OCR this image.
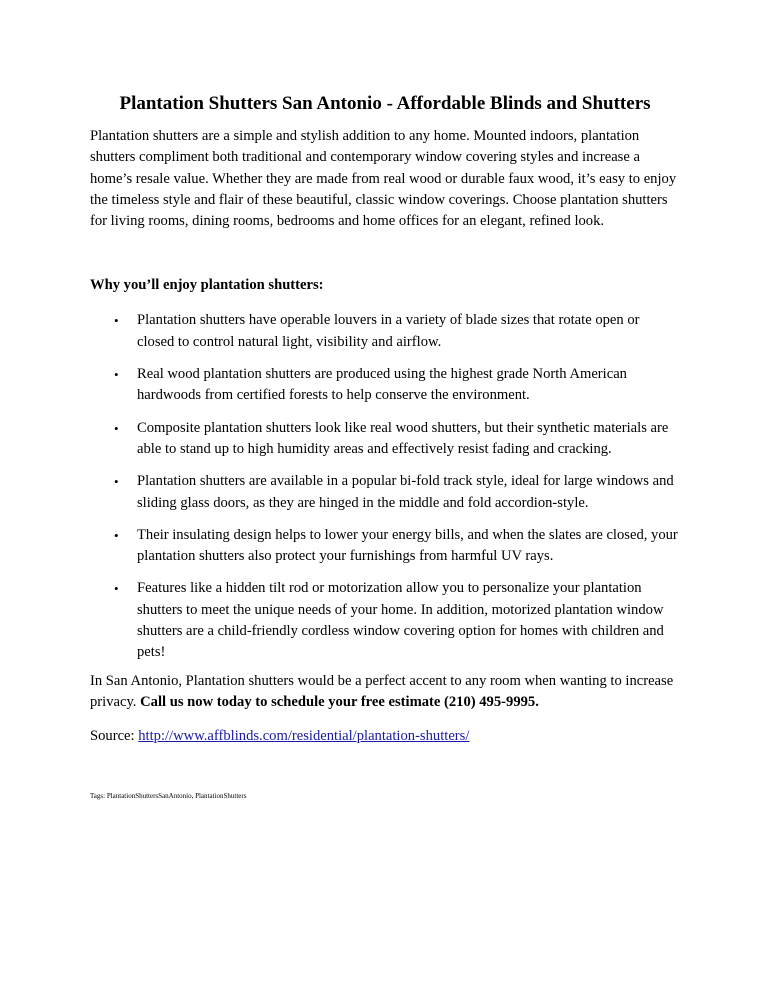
Plantation Shutters San Antonio - Affordable Blinds and Shutters

Plantation shutters are a simple and stylish addition to any home. Mounted indoors, plantation shutters compliment both traditional and contemporary window covering styles and increase a home’s resale value. Whether they are made from real wood or durable faux wood, it’s easy to enjoy the timeless style and flair of these beautiful, classic window coverings. Choose plantation shutters for living rooms, dining rooms, bedrooms and home offices for an elegant, refined look.

Why you’ll enjoy plantation shutters:

• Plantation shutters have operable louvers in a variety of blade sizes that rotate open or closed to control natural light, visibility and airflow.
• Real wood plantation shutters are produced using the highest grade North American hardwoods from certified forests to help conserve the environment.
• Composite plantation shutters look like real wood shutters, but their synthetic materials are able to stand up to high humidity areas and effectively resist fading and cracking.
• Plantation shutters are available in a popular bi-fold track style, ideal for large windows and sliding glass doors, as they are hinged in the middle and fold accordion-style.
• Their insulating design helps to lower your energy bills, and when the slates are closed, your plantation shutters also protect your furnishings from harmful UV rays.
• Features like a hidden tilt rod or motorization allow you to personalize your plantation shutters to meet the unique needs of your home. In addition, motorized plantation window shutters are a child-friendly cordless window covering option for homes with children and pets!

In San Antonio, Plantation shutters would be a perfect accent to any room when wanting to increase privacy. Call us now today to schedule your free estimate (210) 495-9995.

Source: http://www.affblinds.com/residential/plantation-shutters/

Tags: PlantationShuttersSanAntonio, PlantationShutters
